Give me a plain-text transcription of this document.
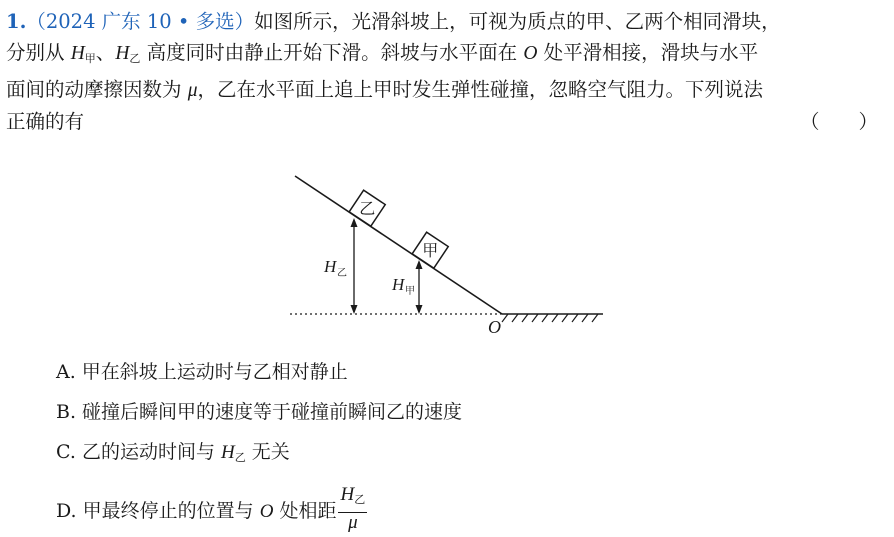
1.（2024 广东 10 • 多选）如图所示，光滑斜坡上，可视为质点的甲、乙两个相同滑块，
分别从 $H_甲$、$H_乙$ 高度同时由静止开始下滑。斜坡与水平面在 O 处平滑相接，滑块与水平
面间的动摩擦因数为 μ，乙在水平面上追上甲时发生弹性碰撞，忽略空气阻力。下列说法
正确的有	（　　）
乙
甲
H 乙
H 甲
O
A. 甲在斜坡上运动时与乙相对静止
B. 碰撞后瞬间甲的速度等于碰撞前瞬间乙的速度
C. 乙的运动时间与 $H_乙$ 无关
D. 甲最终停止的位置与 O 处相距 $\frac{H_乙}{\mu}$
